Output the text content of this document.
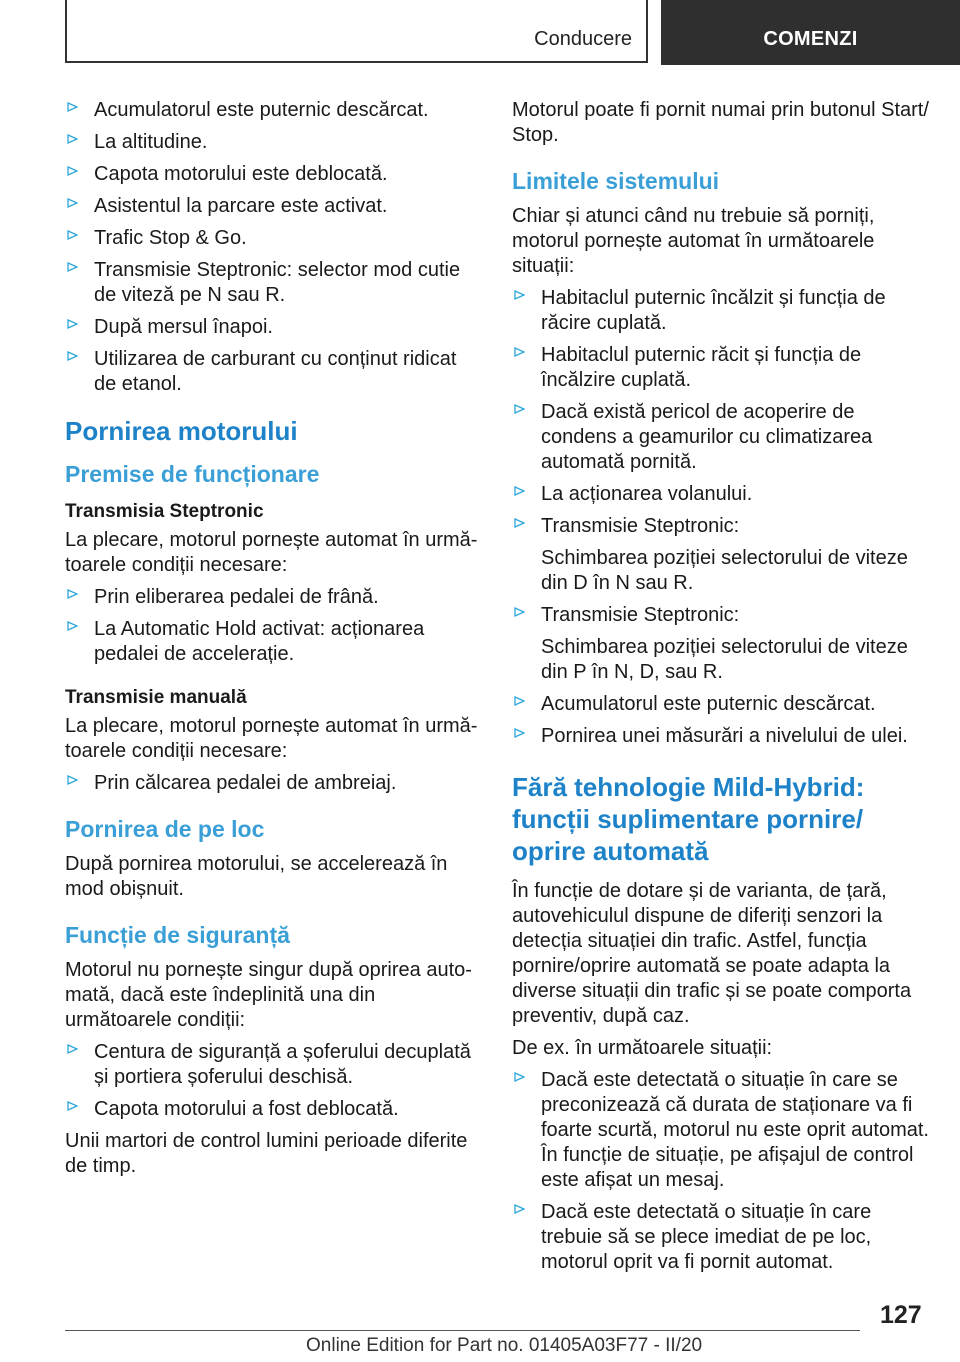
Conducere	COMENZI
Acumulatorul este puternic descărcat.
La altitudine.
Capota motorului este deblocată.
Asistentul la parcare este activat.
Trafic Stop & Go.
Transmisie Steptronic: selector mod cutie de viteză pe N sau R.
După mersul înapoi.
Utilizarea de carburant cu conținut ridicat de etanol.
Pornirea motorului
Premise de funcționare
Transmisia Steptronic

La plecare, motorul pornește automat în următoarele condiții necesare:

Prin eliberarea pedalei de frână.
La Automatic Hold activat: acționarea pedalei de accelerație.
Transmisie manuală

La plecare, motorul pornește automat în următoarele condiții necesare:

Prin călcarea pedalei de ambreiaj.
Pornirea de pe loc

După pornirea motorului, se accelerează în mod obișnuit.

Funcție de siguranță

Motorul nu pornește singur după oprirea automată, dacă este îndeplinită una din următoarele condiții:

Centura de siguranță a șoferului decuplată și portiera șoferului deschisă.
Capota motorului a fost deblocată.

Unii martori de control lumini perioade diferite de timp.

Motorul poate fi pornit numai prin butonul Start/ Stop.

Limitele sistemului

Chiar și atunci când nu trebuie să porniți, motorul pornește automat în următoarele situații:

Habitaclul puternic încălzit și funcția de răcire cuplată.
Habitaclul puternic răcit și funcția de încălzire cuplată.
Dacă există pericol de acoperire de condens a geamurilor cu climatizarea automată pornită.
La acționarea volanului.
Transmisie Steptronic:
Schimbarea poziției selectorului de viteze din D în N sau R.
Transmisie Steptronic:
Schimbarea poziției selectorului de viteze din P în N, D, sau R.
Acumulatorul este puternic descărcat.
Pornirea unei măsurări a nivelului de ulei.
Fără tehnologie Mild-Hybrid: funcții suplimentare pornire/ oprire automată

În funcție de dotare și de varianta, de țară, autovehiculul dispune de diferiți senzori la detecția situației din trafic. Astfel, funcția pornire/oprire automată se poate adapta la diverse situații din trafic și se poate comporta preventiv, după caz.

De ex. în următoarele situații:

Dacă este detectată o situație în care se preconizează că durata de staționare va fi foarte scurtă, motorul nu este oprit automat. În funcție de situație, pe afișajul de control este afișat un mesaj.
Dacă este detectată o situație în care trebuie să se plece imediat de pe loc, motorul oprit va fi pornit automat.
127
Online Edition for Part no. 01405A03F77 - II/20
